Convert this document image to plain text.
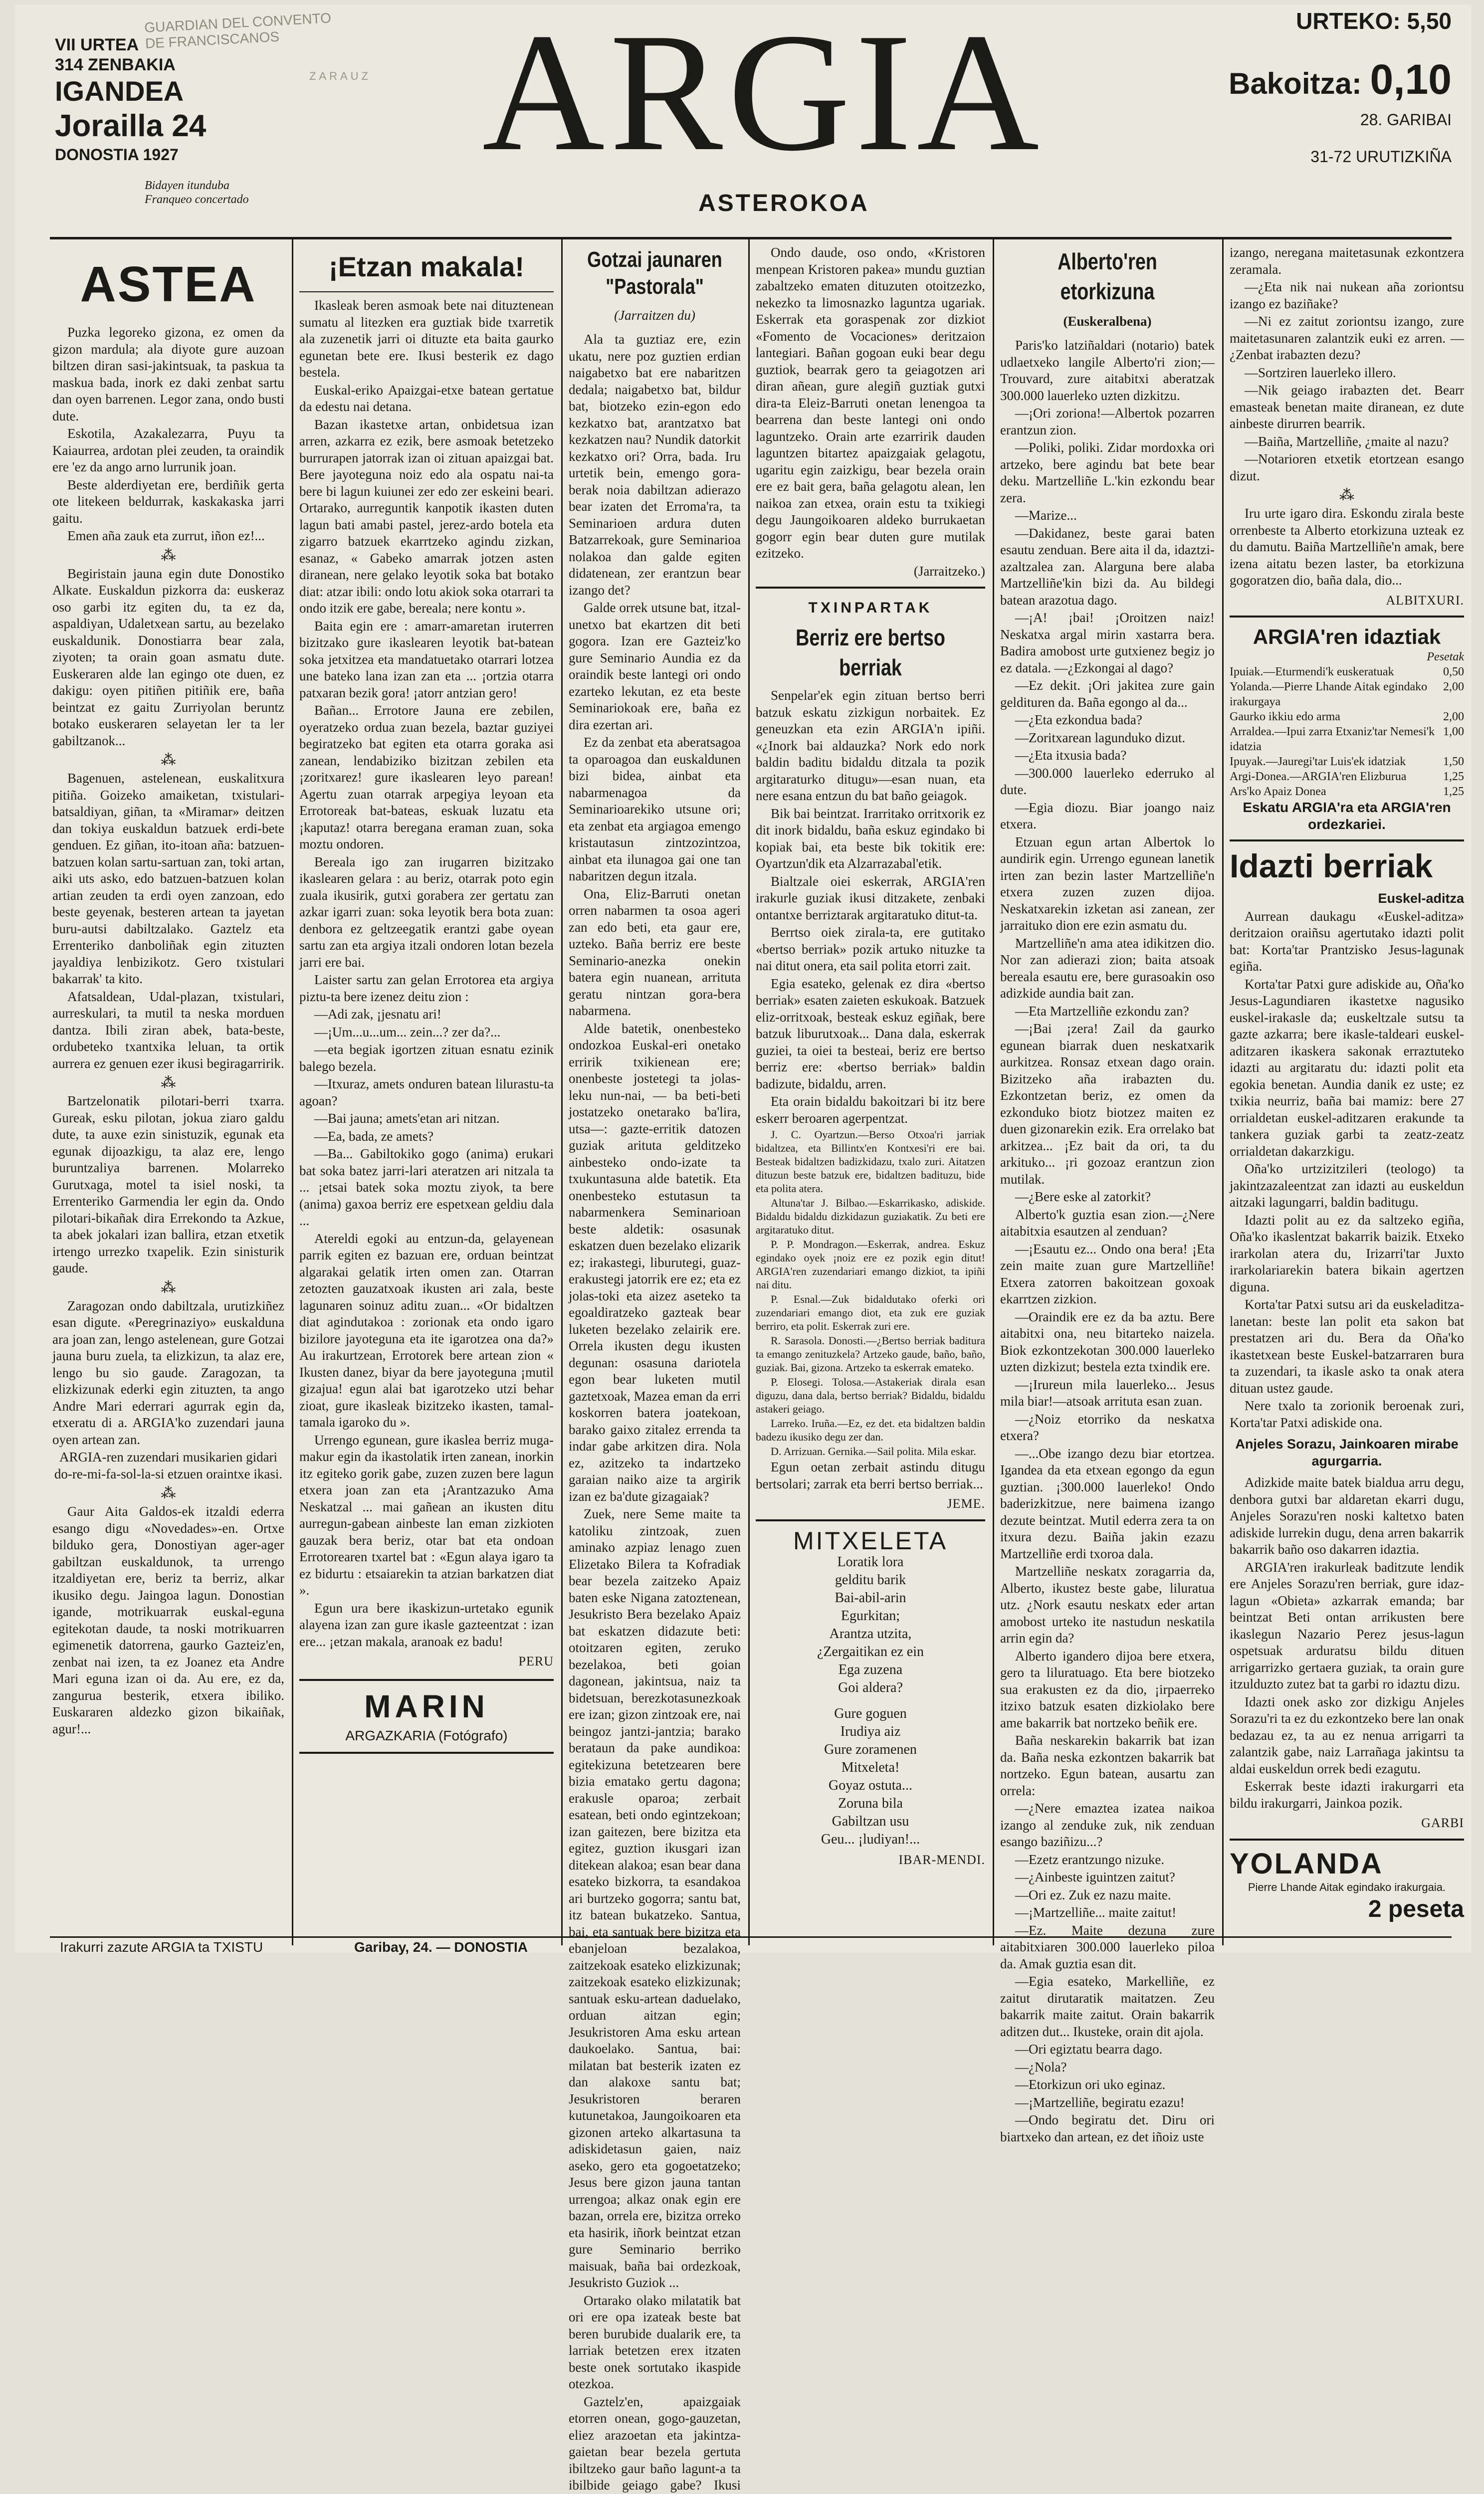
GUARDIAN DEL CONVENTO
DE FRANCISCANOS
ZARAUZ
VII URTEA
314 ZENBAKIA
IGANDEA
Jorailla 24
DONOSTIA 1927
Bidayen itunduba
Franqueo concertado
ARGIA
ASTEROKOA
URTEKO: 5,50
Bakoitza: 0,10
28. GARIBAI
31-72 URUTIZKIÑA
ASTEA

Puzka legoreko gizona, ez omen da gizon mardula; ala diyote gure auzoan biltzen diran sasi-jakintsuak, ta paskua ta maskua bada, inork ez daki zenbat sartu dan oyen barrenen. Legor zana, ondo busti dute.

Eskotila, Azakalezarra, Puyu ta Kaiaurrea, ardotan plei zeuden, ta oraindik ere 'ez da ango arno lurrunik joan.

Beste alderdiyetan ere, berdiñik gerta ote litekeen beldurrak, kaskakaska jarri gaitu.

Emen aña zauk eta zurrut, iñon ez!...

⁂

Begiristain jauna egin dute Donostiko Alkate. Euskaldun pizkorra da: euskeraz oso garbi itz egiten du, ta ez da, aspaldiyan, Udaletxean sartu, au bezelako euskaldunik. Donostiarra bear zala, ziyoten; ta orain goan asmatu dute. Euskeraren alde lan egingo ote duen, ez dakigu: oyen pitiñen pitiñik ere, baña beintzat ez gaitu Zurriyolan beruntz botako euskeraren selayetan ler ta ler gabiltzanok...

⁂

Bagenuen, astelenean, euskalitxura pitiña. Goizeko amaiketan, txistulari-batsaldiyan, giñan, ta «Miramar» deitzen dan tokiya euskaldun batzuek erdi-bete genduen. Ez giñan, ito-itoan aña: batzuen-batzuen kolan sartu-sartuan zan, toki artan, aiki uts asko, edo batzuen-batzuen kolan artian zeuden ta erdi oyen zanzoan, edo beste geyenak, besteren artean ta jayetan buru-autsi dabiltzalako. Gaztelz eta Errenteriko danboliñak egin zituzten jayaldiya lenbizikotz. Gero txistulari bakarrak' ta kito.

Afatsaldean, Udal-plazan, txistulari, aurreskulari, ta mutil ta neska morduen dantza. Ibili ziran abek, bata-beste, ordubeteko txantxika leluan, ta ortik aurrera ez genuen ezer ikusi begiragarririk.

⁂

Bartzelonatik pilotari-berri txarra. Gureak, esku pilotan, jokua ziaro galdu dute, ta auxe ezin sinistuzik, egunak eta egunak dijoazkigu, ta alaz ere, lengo buruntzaliya barrenen. Molarreko Gurutxaga, motel ta isiel noski, ta Errenteriko Garmendia ler egin da. Ondo pilotari-bikañak dira Errekondo ta Azkue, ta abek jokalari izan ballira, etzan etxetik irtengo urrezko txapelik. Ezin sinisturik gaude.

⁂

Zaragozan ondo dabiltzala, urutizkiñez esan digute. «Peregrinaziyo» euskalduna ara joan zan, lengo astelenean, gure Gotzai jauna buru zuela, ta elizkizun, ta alaz ere, lengo bu sio gaude. Zaragozan, ta elizkizunak ederki egin zituzten, ta ango Andre Mari ederrari agurrak egin da, etxeratu di a. ARGIA'ko zuzendari jauna oyen artean zan.

ARGIA-ren zuzendari musikarien gidari do-re-mi-fa-sol-la-si etzuen oraintxe ikasi.

⁂

Gaur Aita Galdos-ek itzaldi ederra esango digu «Novedades»-en. Ortxe bilduko gera, Donostiyan ager-ager gabiltzan euskaldunok, ta urrengo itzaldiyetan ere, beriz ta berriz, alkar ikusiko degu. Jaingoa lagun. Donostian igande, motrikuarrak euskal-eguna egitekotan daude, ta noski motrikuarren egimenetik datorrena, gaurko Gazteiz'en, zenbat nai izen, ta ez Joanez eta Andre Mari eguna izan oi da. Au ere, ez da, zangurua besterik, etxera ibiliko. Euskararen aldezko gizon bikaiñak, agur!...

¡Etzan makala!

Ikasleak beren asmoak bete nai dituztenean sumatu al litezken era guztiak bide txarretik ala zuzenetik jarri oi dituzte eta baita gaurko egunetan bete ere. Ikusi besterik ez dago bestela.

Euskal-eriko Apaizgai-etxe batean gertatue da edestu nai detana.

Bazan ikastetxe artan, onbidetsua izan arren, azkarra ez ezik, bere asmoak betetzeko burrurapen jatorrak izan oi zituan apaizgai bat. Bere jayoteguna noiz edo ala ospatu nai-ta bere bi lagun kuiunei zer edo zer eskeini beari. Ortarako, aurreguntik kanpotik ikasten duten lagun bati amabi pastel, jerez-ardo botela eta zigarro batzuek ekarrtzeko agindu zizkan, esanaz, « Gabeko amarrak jotzen asten diranean, nere gelako leyotik soka bat botako diat: atzar ibili: ondo lotu akiok soka otarrari ta ondo itzik ere gabe, bereala; nere kontu ».

Baita egin ere : amarr-amaretan iruterren bizitzako gure ikaslearen leyotik bat-batean soka jetxitzea eta mandatuetako otarrari lotzea une bateko lana izan zan eta ... ¡ortzia otarra patxaran bezik gora! ¡atorr antzian gero!

Bañan... Errotore Jauna ere zebilen, oyeratzeko ordua zuan bezela, baztar guziyei begiratzeko bat egiten eta otarra goraka asi zanean, lendabiziko bizitzan zebilen eta ¡zoritxarez! gure ikaslearen leyo parean! Agertu zuan otarrak arpegiya leyoan eta Errotoreak bat-bateas, eskuak luzatu eta ¡kaputaz! otarra beregana eraman zuan, soka moztu ondoren.

Bereala igo zan irugarren bizitzako ikaslearen gelara : au beriz, otarrak poto egin zuala ikusirik, gutxi gorabera zer gertatu zan azkar igarri zuan: soka leyotik bera bota zuan: denbora ez geltzeegatik erantzi gabe oyean sartu zan eta argiya itzali ondoren lotan bezela jarri ere bai.

Laister sartu zan gelan Errotorea eta argiya piztu-ta bere izenez deitu zion :

—Adi zak, ¡jesnatu ari!

—¡Um...u...um... zein...? zer da?...

—eta begiak igortzen zituan esnatu ezinik balego bezela.

—Itxuraz, amets onduren batean lilurastu-ta agoan?

—Bai jauna; amets'etan ari nitzan.

—Ea, bada, ze amets?

—Ba... Gabiltokiko gogo (anima) erukari bat soka batez jarri-lari ateratzen ari nitzala ta ... ¡etsai batek soka moztu ziyok, ta bere (anima) gaxoa berriz ere espetxean geldiu dala ...

Atereldi egoki au entzun-da, gelayenean parrik egiten ez bazuan ere, orduan beintzat algarakai gelatik irten omen zan. Otarran zetozten gauzatxoak ikusten ari zala, beste lagunaren soinuz aditu zuan... «Or bidaltzen diat agindutakoa : zorionak eta ondo igaro bizilore jayoteguna eta ite igarotzea ona da?» Au irakurtzean, Errotorek bere artean zion « Ikusten danez, biyar da bere jayoteguna ¡mutil gizajua! egun alai bat igarotzeko utzi behar zioat, gure ikasleak bizitzeko ikasten, tamal-tamala igaroko du ».

Urrengo egunean, gure ikaslea berriz muga-makur egin da ikastolatik irten zanean, inorkin itz egiteko gorik gabe, zuzen zuzen bere lagun etxera joan zan eta ¡Arantzazuko Ama Neskatzal ... mai gañean an ikusten ditu aurregun-gabean ainbeste lan eman zizkioten gauzak bera beriz, otar bat eta ondoan Errotorearen txartel bat : «Egun alaya igaro ta ez bidurtu : etsaiarekin ta atzian barkatzen diat ».

Egun ura bere ikaskizun-urtetako egunik alayena izan zan gure ikasle gazteentzat : izan ere... ¡etzan makala, aranoak ez badu!

PERU

MARIN
ARGAZKARIA (Fotógrafo)
Gotzai jaunaren "Pastorala"
(Jarraitzen du)

Ala ta guztiaz ere, ezin ukatu, nere poz guztien erdian naigabetxo bat ere nabaritzen dedala; naigabetxo bat, bildur bat, biotzeko ezin-egon edo kezkatxo bat, arantzatxo bat kezkatzen nau? Nundik datorkit kezkatxo ori? Orra, bada. Iru urtetik bein, emengo gora-berak noia dabiltzan adierazo bear izaten det Erroma'ra, ta Seminarioen ardura duten Batzarrekoak, gure Seminarioa nolakoa dan galde egiten didatenean, zer erantzun bear izango det?

Galde orrek utsune bat, itzal-unetxo bat ekartzen dit beti gogora. Izan ere Gazteiz'ko gure Seminario Aundia ez da oraindik beste lantegi ori ondo ezarteko lekutan, ez eta beste Seminariokoak ere, baña ez dira ezertan ari.

Ez da zenbat eta aberatsagoa ta oparoagoa dan euskaldunen bizi bidea, ainbat eta nabarmenagoa da Seminarioarekiko utsune ori; eta zenbat eta argiagoa emengo kristautasun zintzozintzoa, ainbat eta ilunagoa gai one tan nabaritzen degun itzala.

Ona, Eliz-Barruti onetan orren nabarmen ta osoa ageri zan edo beti, eta gaur ere, uzteko. Baña berriz ere beste Seminario-anezka onekin batera egin nuanean, arrituta geratu nintzan gora-bera nabarmena.

Alde batetik, onenbesteko ondozkoa Euskal-eri onetako erririk txikienean ere; onenbeste jostetegi ta jolas-leku nun-nai, — ba beti-beti jostatzeko onetarako ba'lira, utsa—: gazte-erritik datozen guziak arituta gelditzeko ainbesteko ondo-izate ta txukuntasuna alde batetik. Eta onenbesteko estutasun ta nabarmenkera Seminarioan beste aldetik: osasunak eskatzen duen bezelako elizarik ez; irakastegi, liburutegi, guaz-erakustegi jatorrik ere ez; eta ez jolas-toki eta aizez aseteko ta egoaldiratzeko gazteak bear luketen bezelako zelairik ere. Orrela ikusten degu ikusten degunan: osasuna dariotela egon bear luketen mutil gaztetxoak, Mazea eman da erri koskorren batera joatekoan, barako gaixo zitalez errenda ta indar gabe arkitzen dira. Nola ez, azitzeko ta indartzeko garaian naiko aize ta argirik izan ez ba'dute gizagaiak?

Zuek, nere Seme maite ta katoliku zintzoak, zuen aminako azpiaz lenago zuen Elizetako Bilera ta Kofradiak bear bezela zaitzeko Apaiz baten eske Nigana zatoztenean, Jesukristo Bera bezelako Apaiz bat eskatzen didazute beti: otoitzaren egiten, zeruko bezelakoa, beti goian dagonean, jakintsua, naiz ta bidetsuan, berezkotasunezkoak ere izan; gizon zintzoak ere, nai beingoz jantzi-jantzia; barako berataun da pake aundikoa: egitekizuna betetzearen bere bizia ematako gertu dagona; erakusle oparoa; zerbait esatean, beti ondo egintzekoan; izan gaitezen, bere bizitza eta egitez, guztion ikusgari izan ditekean alakoa; esan bear dana esateko bizkorra, ta esandakoa ari burtzeko gogorra; santu bat, itz batean bukatzeko. Santua, bai, eta santuak bere bizitza eta ebanjeloan bezalakoa, zaitzekoak esateko elizkizunak; zaitzekoak esateko elizkizunak; santuak esku-artean daduelako, orduan aitzan egin; Jesukristoren Ama esku artean daukoelako. Santua, bai: milatan bat besterik izaten ez dan alakoxe santu bat; Jesukristoren beraren kutunetakoa, Jaungoikoaren eta gizonen arteko alkartasuna ta adiskidetasun gaien, naiz aseko, gero eta gogoetatzeko; Jesus bere gizon jauna tantan urrengoa; alkaz onak egin ere bazan, orrela ere, bizitza orreko eta hasirik, iñork beintzat etzan gure Seminario berriko maisuak, baña bai ordezkoak, Jesukristo Guziok ...

Ortarako olako milatatik bat ori ere opa izateak beste bat beren burubide dualarik ere, ta larriak betetzen erex itzaten beste onek sortutako ikaspide otezkoa.

Gaztelz'en, apaizgaiak etorren onean, gogo-gauzetan, eliez arazoetan eta jakintza-gaietan bear bezela gertuta ibiltzeko gaur baño lagunt-a ta ibilbide geiago gabe? Ikusi

Ondo daude, oso ondo, «Kristoren menpean Kristoren pakea» mundu guztian zabaltzeko ematen dituzuten otoitzezko, nekezko ta limosnazko laguntza ugariak. Eskerrak eta goraspenak zor dizkiot «Fomento de Vocaciones» deritzaion lantegiari. Bañan gogoan euki bear degu guztiok, bearrak gero ta geiagotzen ari diran añean, gure alegiñ guztiak gutxi dira-ta Eleiz-Barruti onetan lenengoa ta bearrena dan beste lantegi oni ondo laguntzeko. Orain arte ezarririk dauden laguntzen bitartez apaizgaiak gelagotu, ugaritu egin zaizkigu, bear bezela orain ere ez bait gera, baña gelagotu alean, len naikoa zan etxea, orain estu ta txikiegi degu Jaungoikoaren aldeko burrukaetan gogorr egin bear duten gure mutilak ezitzeko.

(Jarraitzeko.)

TXINPARTAK
Berriz ere bertso berriak

Senpelar'ek egin zituan bertso berri batzuk eskatu zizkigun norbaitek. Ez geneuzkan eta ezin ARGIA'n ipiñi. «¿Inork bai aldauzka? Nork edo nork baldin baditu bidaldu ditzala ta pozik argitaraturko ditugu»—esan nuan, eta nere esana entzun du bat baño geiagok.

Bik bai beintzat. Irarritako orritxorik ez dit inork bidaldu, baña eskuz egindako bi kopiak bai, eta beste bik tokitik ere: Oyartzun'dik eta Alzarrazabal'etik.

Bialtzale oiei eskerrak, ARGIA'ren irakurle guziak ikusi ditzakete, zenbaki ontantxe berriztarak argitaratuko ditut-ta.

Berrtso oiek zirala-ta, ere gutitako «bertso berriak» pozik artuko nituzke ta nai ditut onera, eta sail polita etorri zait.

Egia esateko, gelenak ez dira «bertso berriak» esaten zaieten eskukoak. Batzuek eliz-orritxoak, besteak eskuz egiñak, bere batzuk liburutxoak... Dana dala, eskerrak guziei, ta oiei ta besteai, beriz ere bertso berriz ere: «bertso berriak» baldin badizute, bidaldu, arren.

Eta orain bidaldu bakoitzari bi itz bere eskerr beroaren agerpentzat.

J. C. Oyartzun.—Berso Otxoa'ri jarriak bidaltzea, eta Billintx'en Kontxesi'ri ere bai. Besteak bidaltzen badizkidazu, txalo zuri. Aitatzen dituzun beste batzuk ere, bidaltzen badituzu, bide eta polita atera.

Altuna'tar J. Bilbao.—Eskarrikasko, adiskide. Bidaldu bidaldu dizkidazun guziakatik. Zu beti ere argitaratuko ditut.

P. P. Mondragon.—Eskerrak, andrea. Eskuz egindako oyek ¡noiz ere ez pozik egin ditut! ARGIA'ren zuzendariari emango dizkiot, ta ipiñi nai ditu.

P. Esnal.—Zuk bidaldutako oferki ori zuzendariari emango diot, eta zuk ere guziak berriro, eta polit. Eskerrak zuri ere.

R. Sarasola. Donosti.—¿Bertso berriak baditura ta emango zenituzkela? Artzeko gaude, baño, baño, guziak. Bai, gizona. Artzeko ta eskerrak emateko.

P. Elosegi. Tolosa.—Astakeriak dirala esan diguzu, dana dala, bertso berriak? Bidaldu, bidaldu astakeri geiago.

Larreko. Iruña.—Ez, ez det. eta bidaltzen baldin badezu ikusiko degu zer dan.

D. Arrizuan. Gernika.—Sail polita. Mila eskar.

Egun oetan zerbait astindu ditugu bertsolari; zarrak eta berri bertso berriak...

JEME.

MITXELETA
Loratik lora
gelditu barik
Bai-abil-arin
Egurkitan;
Arantza utzita,
¿Zergaitikan ez ein
Ega zuzena
Goi aldera?
Gure goguen
Irudiya aiz
Gure zoramenen
Mitxeleta!
Goyaz ostuta...
Zoruna bila
Gabiltzan usu
Geu... ¡ludiyan!...

IBAR-MENDI.

Alberto'ren etorkizuna
(Euskeralbena)

Paris'ko latziñaldari (notario) batek udlaetxeko langile Alberto'ri zion;—Trouvard, zure aitabitxi aberatzak 300.000 lauerleko uzten dizkitzu.

—¡Ori zoriona!—Albertok pozarren erantzun zion.

—Poliki, poliki. Zidar mordoxka ori artzeko, bere agindu bat bete bear deku. Martzelliñe L.'kin ezkondu bear zera.

—Marize...

—Dakidanez, beste garai baten esautu zenduan. Bere aita il da, idaztzi-azaltzalea zan. Alarguna bere alaba Martzelliñe'kin bizi da. Au bildegi batean arazotua dago.

—¡A! ¡bai! ¡Oroitzen naiz! Neskatxa argal mirin xastarra bera. Badira amobost urte gutxienez begiz jo ez datala. —¿Ezkongai al dago?

—Ez dekit. ¡Ori jakitea zure gain geldituren da. Baña egongo al da...

—¿Eta ezkondua bada?

—Zoritxarean lagunduko dizut.

—¿Eta itxusia bada?

—300.000 lauerleko ederruko al dute.

—Egia diozu. Biar joango naiz etxera.

Etzuan egun artan Albertok lo aundirik egin. Urrengo egunean lanetik irten zan bezin laster Martzelliñe'n etxera zuzen zuzen dijoa. Neskatxarekin izketan asi zanean, zer jarraituko dion ere ezin asmatu du.

Martzelliñe'n ama atea idikitzen dio. Nor zan adierazi zion; baita atsoak bereala esautu ere, bere gurasoakin oso adizkide aundia bait zan.

—Eta Martzelliñe ezkondu zan?

—¡Bai ¡zera! Zail da gaurko egunean biarrak duen neskatxarik aurkitzea. Ronsaz etxean dago orain. Bizitzeko aña irabazten du. Ezkontzetan beriz, ez omen da ezkonduko biotz biotzez maiten ez duen gizonarekin ezik. Era orrelako bat arkitzea... ¡Ez bait da ori, ta du arkituko... ¡ri gozoaz erantzun zion mutilak.

—¿Bere eske al zatorkit?

Alberto'k guztia esan zion.—¿Nere aitabitxia esautzen al zenduan?

—¡Esautu ez... Ondo ona bera! ¡Eta zein maite zuan gure Martzelliñe! Etxera zatorren bakoitzean goxoak ekarrtzen zizkion.

—Oraindik ere ez da ba aztu. Bere aitabitxi ona, neu bitarteko naizela. Biok ezkontzekotan 300.000 lauerleko uzten dizkizut; bestela ezta txindik ere.

—¡Irureun mila lauerleko... Jesus mila biar!—atsoak arrituta esan zuan.

—¿Noiz etorriko da neskatxa etxera?

—...Obe izango dezu biar etortzea. Igandea da eta etxean egongo da egun guztian. ¡300.000 lauerleko! Ondo baderizkitzue, nere baimena izango dezute beintzat. Mutil ederra zera ta on itxura dezu. Baiña jakin ezazu Martzelliñe erdi txoroa dala.

Martzelliñe neskatx zoragarria da, Alberto, ikustez beste gabe, liluratua utz. ¿Nork esautu neskatx eder artan amobost urteko ite nastudun neskatila arrin egin da?

Alberto igandero dijoa bere etxera, gero ta liluratuago. Eta bere biotzeko sua erakusten ez da dio, ¡irpaerreko itzixo batzuk esaten dizkiolako bere ame bakarrik bat nortzeko beñik ere.

Baña neskarekin bakarrik bat izan da. Baña neska ezkontzen bakarrik bat nortzeko. Egun batean, ausartu zan orrela:

—¿Nere emaztea izatea naikoa izango al zenduke zuk, nik zenduan esango baziñizu...?

—Ezetz erantzungo nizuke.

—¿Ainbeste iguintzen zaitut?

—Ori ez. Zuk ez nazu maite.

—¡Martzelliñe... maite zaitut!

—Ez. Maite dezuna zure aitabitxiaren 300.000 lauerleko piloa da. Amak guztia esan dit.

—Egia esateko, Markelliñe, ez zaitut dirutaratik maitatzen. Zeu bakarrik maite zaitut. Orain bakarrik aditzen dut... Ikusteke, orain dit ajola.

—Ori egiztatu bearra dago.

—¿Nola?

—Etorkizun ori uko eginaz.

—¡Martzelliñe, begiratu ezazu!

—Ondo begiratu det. Diru ori biartxeko dan artean, ez det iñoiz uste

izango, neregana maitetasunak ezkontzera zeramala.

—¿Eta nik nai nukean aña zoriontsu izango ez baziñake?

—Ni ez zaitut zoriontsu izango, zure maitetasunaren zalantzik euki ez arren. —¿Zenbat irabazten dezu?

—Sortziren lauerleko illero.

—Nik geiago irabazten det. Bearr emasteak benetan maite diranean, ez dute ainbeste dirurren bearrik.

—Baiña, Martzelliñe, ¿maite al nazu?

—Notarioren etxetik etortzean esango dizut.

⁂

Iru urte igaro dira. Eskondu zirala beste orrenbeste ta Alberto etorkizuna uzteak ez du damutu. Baiña Martzelliñe'n amak, bere izena aitatu bezen laster, ba etorkizuna gogoratzen dio, baña dala, dio...

ALBITXURI.

ARGIA'ren idaztiak
Pesetak
Ipuiak.—Eturmendi'k euskeratuak	0,50
Yolanda.—Pierre Lhande Aitak egindako irakurgaya
2,00
Gaurko ikkiu edo arma	2,00
Arraldea.—Ipui zarra Etxaniz'tar Nemesi'k idatzia
1,00
Ipuyak.—Jauregi'tar Luis'ek idatziak	1,50
Argi-Donea.—ARGIA'ren Elizburua	1,25
Ars'ko Apaiz Donea	1,25

Eskatu ARGIA'ra eta ARGIA'ren ordezkariei.

Idazti berriak

Euskel-aditza

Aurrean daukagu «Euskel-aditza» deritzaion oraiñsu agertutako idazti polit bat: Korta'tar Prantzisko Jesus-lagunak egiña.

Korta'tar Patxi gure adiskide au, Oña'ko Jesus-Lagundiaren ikastetxe nagusiko euskel-irakasle da; euskeltzale sutsu ta gazte azkarra; bere ikasle-taldeari euskel-aditzaren ikaskera sakonak erraztuteko idazti au argitaratu du: idazti polit eta egokia benetan. Aundia danik ez uste; ez txikia neurriz, baña bai mamiz: bere 27 orrialdetan euskel-aditzaren erakunde ta tankera guziak garbi ta zeatz-zeatz orrialdetan dakarzkigu.

Oña'ko urtzizitzileri (teologo) ta jakintzazaleentzat zan idazti au euskeldun aitzaki lagungarri, baldin baditugu.

Idazti polit au ez da saltzeko egiña, Oña'ko ikaslentzat bakarrik baizik. Etxeko irarkolan atera du, Irizarri'tar Juxto irarkolariarekin batera bikain agertzen diguna.

Korta'tar Patxi sutsu ari da euskeladitza-lanetan: beste lan polit eta sakon bat prestatzen ari du. Bera da Oña'ko ikastetxean beste Euskel-batzarraren bura ta zuzendari, ta ikasle asko ta onak atera dituan ustez gaude.

Nere txalo ta zorionik beroenak zuri, Korta'tar Patxi adiskide ona.

Anjeles Sorazu, Jainkoaren mirabe agurgarria.

Adizkide maite batek bialdua arru degu, denbora gutxi bar aldaretan ekarri dugu, Anjeles Sorazu'ren noski kaltetxo baten adiskide lurrekin dugu, dena arren bakarrik bakarrik baño oso dakarren idaztia.

ARGIA'ren irakurleak baditzute lendik ere Anjeles Sorazu'ren berriak, gure idaz-lagun «Obieta» azkarrak emanda; bar beintzat Beti ontan arrikusten bere ikaslegun Nazario Perez jesus-lagun ospetsuak arduratsu bildu dituen arrigarrizko gertaera guziak, ta orain gure itzulduzto zutez bat ta garbi ro idaztu dizu.

Idazti onek asko zor dizkigu Anjeles Sorazu'ri ta ez du ezkontzeko bere lan onak bedazau ez, ta au ez nenua arrigarri ta zalantzik gabe, naiz Larrañaga jakintsu ta aldai euskeldun orrek bedi ezagutu.

Eskerrak beste idazti irakurgarri eta bildu irakurgarri, Jainkoa pozik.

GARBI

YOLANDA
Pierre Lhande Aitak egindako irakurgaia.
2 peseta
Irakurri zazute ARGIA ta TXISTU	Garibay, 24. — DONOSTIA
